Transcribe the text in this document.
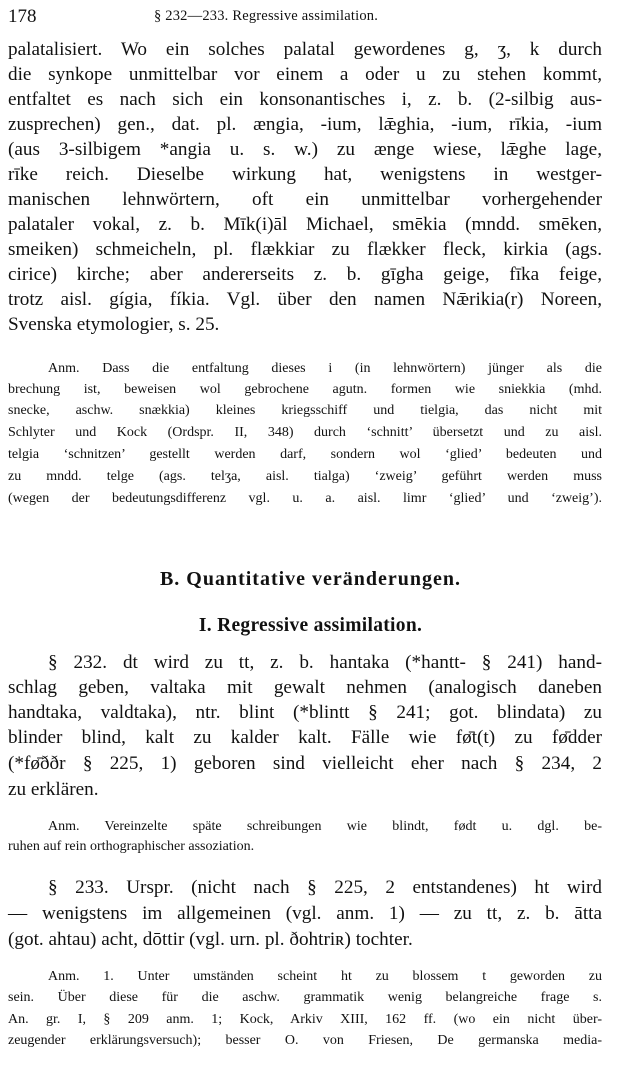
178	§ 232—233. Regressive assimilation.
palatalisiert. Wo ein solches palatal gewordenes g, ʒ, k durch
die synkope unmittelbar vor einem a oder u zu stehen kommt,
entfaltet es nach sich ein konsonantisches i, z. b. (2-silbig aus-
zusprechen) gen., dat. pl. ængia, -ium, lǣghia, -ium, rīkia, -ium
(aus 3-silbigem *angia u. s. w.) zu ænge wiese, lǣghe lage,
rīke reich. Dieselbe wirkung hat, wenigstens in westger-
manischen lehnwörtern, oft ein unmittelbar vorhergehender
palataler vokal, z. b. Mīk(i)āl Michael, smēkia (mndd. smēken,
smeiken) schmeicheln, pl. flækkiar zu flækker fleck, kirkia (ags.
cirice) kirche; aber andererseits z. b. gīgha geige, fīka feige,
trotz aisl. gígia, fíkia. Vgl. über den namen Nǣrikia(r) Noreen,
Svenska etymologier, s. 25.
Anm. Dass die entfaltung dieses i (in lehnwörtern) jünger als die
brechung ist, beweisen wol gebrochene agutn. formen wie sniekkia (mhd.
snecke, aschw. snækkia) kleines kriegsschiff und tielgia, das nicht mit
Schlyter und Kock (Ordspr. II, 348) durch ‘schnitt’ übersetzt und zu aisl.
telgia ‘schnitzen’ gestellt werden darf, sondern wol ‘glied’ bedeuten und
zu mndd. telge (ags. telʒa, aisl. tialga) ‘zweig’ geführt werden muss
(wegen der bedeutungsdifferenz vgl. u. a. aisl. limr ‘glied’ und ‘zweig’).
B. Quantitative veränderungen.
I. Regressive assimilation.
§ 232. dt wird zu tt, z. b. hantaka (*hantt- § 241) hand-
schlag geben, valtaka mit gewalt nehmen (analogisch daneben
handtaka, valdtaka), ntr. blint (*blintt § 241; got. blindata) zu
blinder blind, kalt zu kalder kalt. Fälle wie fø̄t(t) zu fø̄dder
(*fø̄ððr § 225, 1) geboren sind vielleicht eher nach § 234, 2
zu erklären.
Anm. Vereinzelte späte schreibungen wie blindt, født u. dgl. be-
ruhen auf rein orthographischer assoziation.
§ 233. Urspr. (nicht nach § 225, 2 entstandenes) ht wird
— wenigstens im allgemeinen (vgl. anm. 1) — zu tt, z. b. ātta
(got. ahtau) acht, dōttir (vgl. urn. pl. ðohtriʀ) tochter.
Anm. 1. Unter umständen scheint ht zu blossem t geworden zu
sein. Über diese für die aschw. grammatik wenig belangreiche frage s.
An. gr. I, § 209 anm. 1; Kock, Arkiv XIII, 162 ff. (wo ein nicht über-
zeugender erklärungsversuch); besser O. von Friesen, De germanska media-
